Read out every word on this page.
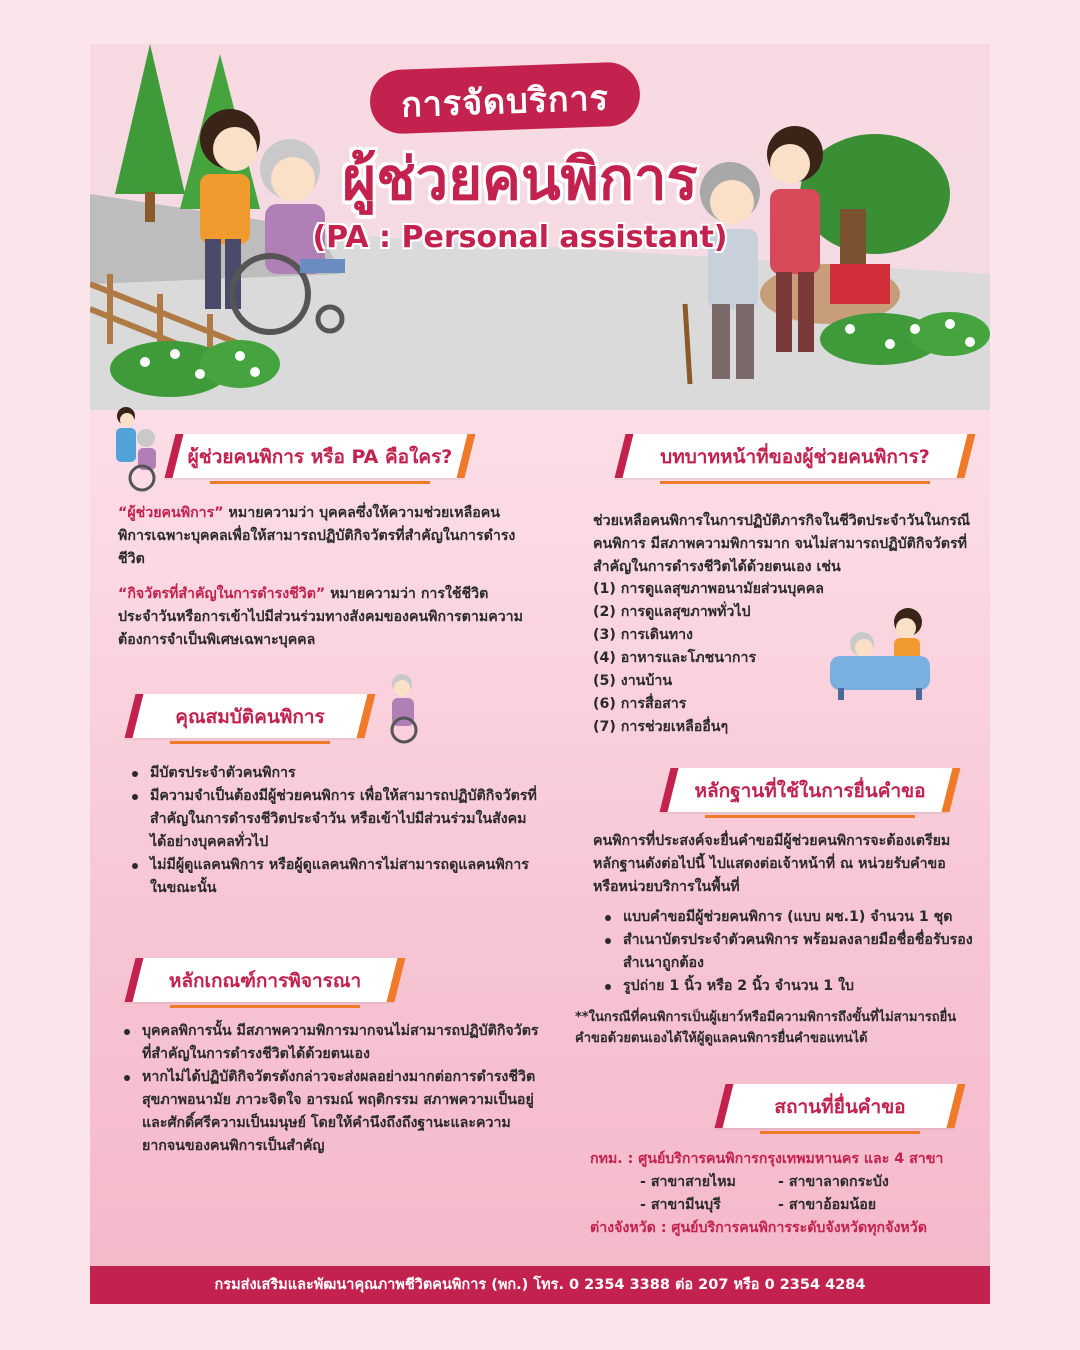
การจัดบริการ
ผู้ช่วยคนพิการ
(PA : Personal assistant)
ผู้ช่วยคนพิการ หรือ PA คือใคร?
“ผู้ช่วยคนพิการ” หมายความว่า บุคคลซึ่งให้ความช่วยเหลือคนพิการเฉพาะบุคคลเพื่อให้สามารถปฏิบัติกิจวัตรที่สำคัญในการดำรงชีวิต
“กิจวัตรที่สำคัญในการดำรงชีวิต” หมายความว่า การใช้ชีวิตประจำวันหรือการเข้าไปมีส่วนร่วมทางสังคมของคนพิการตามความต้องการจำเป็นพิเศษเฉพาะบุคคล
คุณสมบัติคนพิการ
มีบัตรประจำตัวคนพิการ
มีความจำเป็นต้องมีผู้ช่วยคนพิการ เพื่อให้สามารถปฏิบัติกิจวัตรที่สำคัญในการดำรงชีวิตประจำวัน หรือเข้าไปมีส่วนร่วมในสังคมได้อย่างบุคคลทั่วไป
ไม่มีผู้ดูแลคนพิการ หรือผู้ดูแลคนพิการไม่สามารถดูแลคนพิการในขณะนั้น
หลักเกณฑ์การพิจารณา
บุคคลพิการนั้น มีสภาพความพิการมากจนไม่สามารถปฏิบัติกิจวัตรที่สำคัญในการดำรงชีวิตได้ด้วยตนเอง
หากไม่ได้ปฏิบัติกิจวัตรดังกล่าวจะส่งผลอย่างมากต่อการดำรงชีวิตสุขภาพอนามัย ภาวะจิตใจ อารมณ์ พฤติกรรม สภาพความเป็นอยู่และศักดิ์ศรีความเป็นมนุษย์ โดยให้คำนึงถึงถึงฐานะและความยากจนของคนพิการเป็นสำคัญ
บทบาทหน้าที่ของผู้ช่วยคนพิการ?
ช่วยเหลือคนพิการในการปฏิบัติภารกิจในชีวิตประจำวันในกรณีคนพิการ มีสภาพความพิการมาก จนไม่สามารถปฏิบัติกิจวัตรที่สำคัญในการดำรงชีวิตได้ด้วยตนเอง เช่น
(1) การดูแลสุขภาพอนามัยส่วนบุคคล
(2) การดูแลสุขภาพทั่วไป
(3) การเดินทาง
(4) อาหารและโภชนาการ
(5) งานบ้าน
(6) การสื่อสาร
(7) การช่วยเหลืออื่นๆ
หลักฐานที่ใช้ในการยื่นคำขอ
คนพิการที่ประสงค์จะยื่นคำขอมีผู้ช่วยคนพิการจะต้องเตรียมหลักฐานดังต่อไปนี้ ไปแสดงต่อเจ้าหน้าที่ ณ หน่วยรับคำขอ หรือหน่วยบริการในพื้นที่
แบบคำขอมีผู้ช่วยคนพิการ (แบบ ผช.1) จำนวน 1 ชุด
สำเนาบัตรประจำตัวคนพิการ พร้อมลงลายมือชื่อชื่อรับรองสำเนาถูกต้อง
รูปถ่าย 1 นิ้ว หรือ 2 นิ้ว จำนวน 1 ใบ
**ในกรณีที่คนพิการเป็นผู้เยาว์หรือมีความพิการถึงขั้นที่ไม่สามารถยื่นคำขอด้วยตนเองได้ให้ผู้ดูแลคนพิการยื่นคำขอแทนได้
สถานที่ยื่นคำขอ
กทม. : ศูนย์บริการคนพิการกรุงเทพมหานคร และ 4 สาขา
- สาขาสายไหม	- สาขาลาดกระบัง
- สาขามีนบุรี	- สาขาอ้อมน้อย
ต่างจังหวัด : ศูนย์บริการคนพิการระดับจังหวัดทุกจังหวัด
กรมส่งเสริมและพัฒนาคุณภาพชีวิตคนพิการ (พก.) โทร. 0 2354 3388 ต่อ 207 หรือ 0 2354 4284
